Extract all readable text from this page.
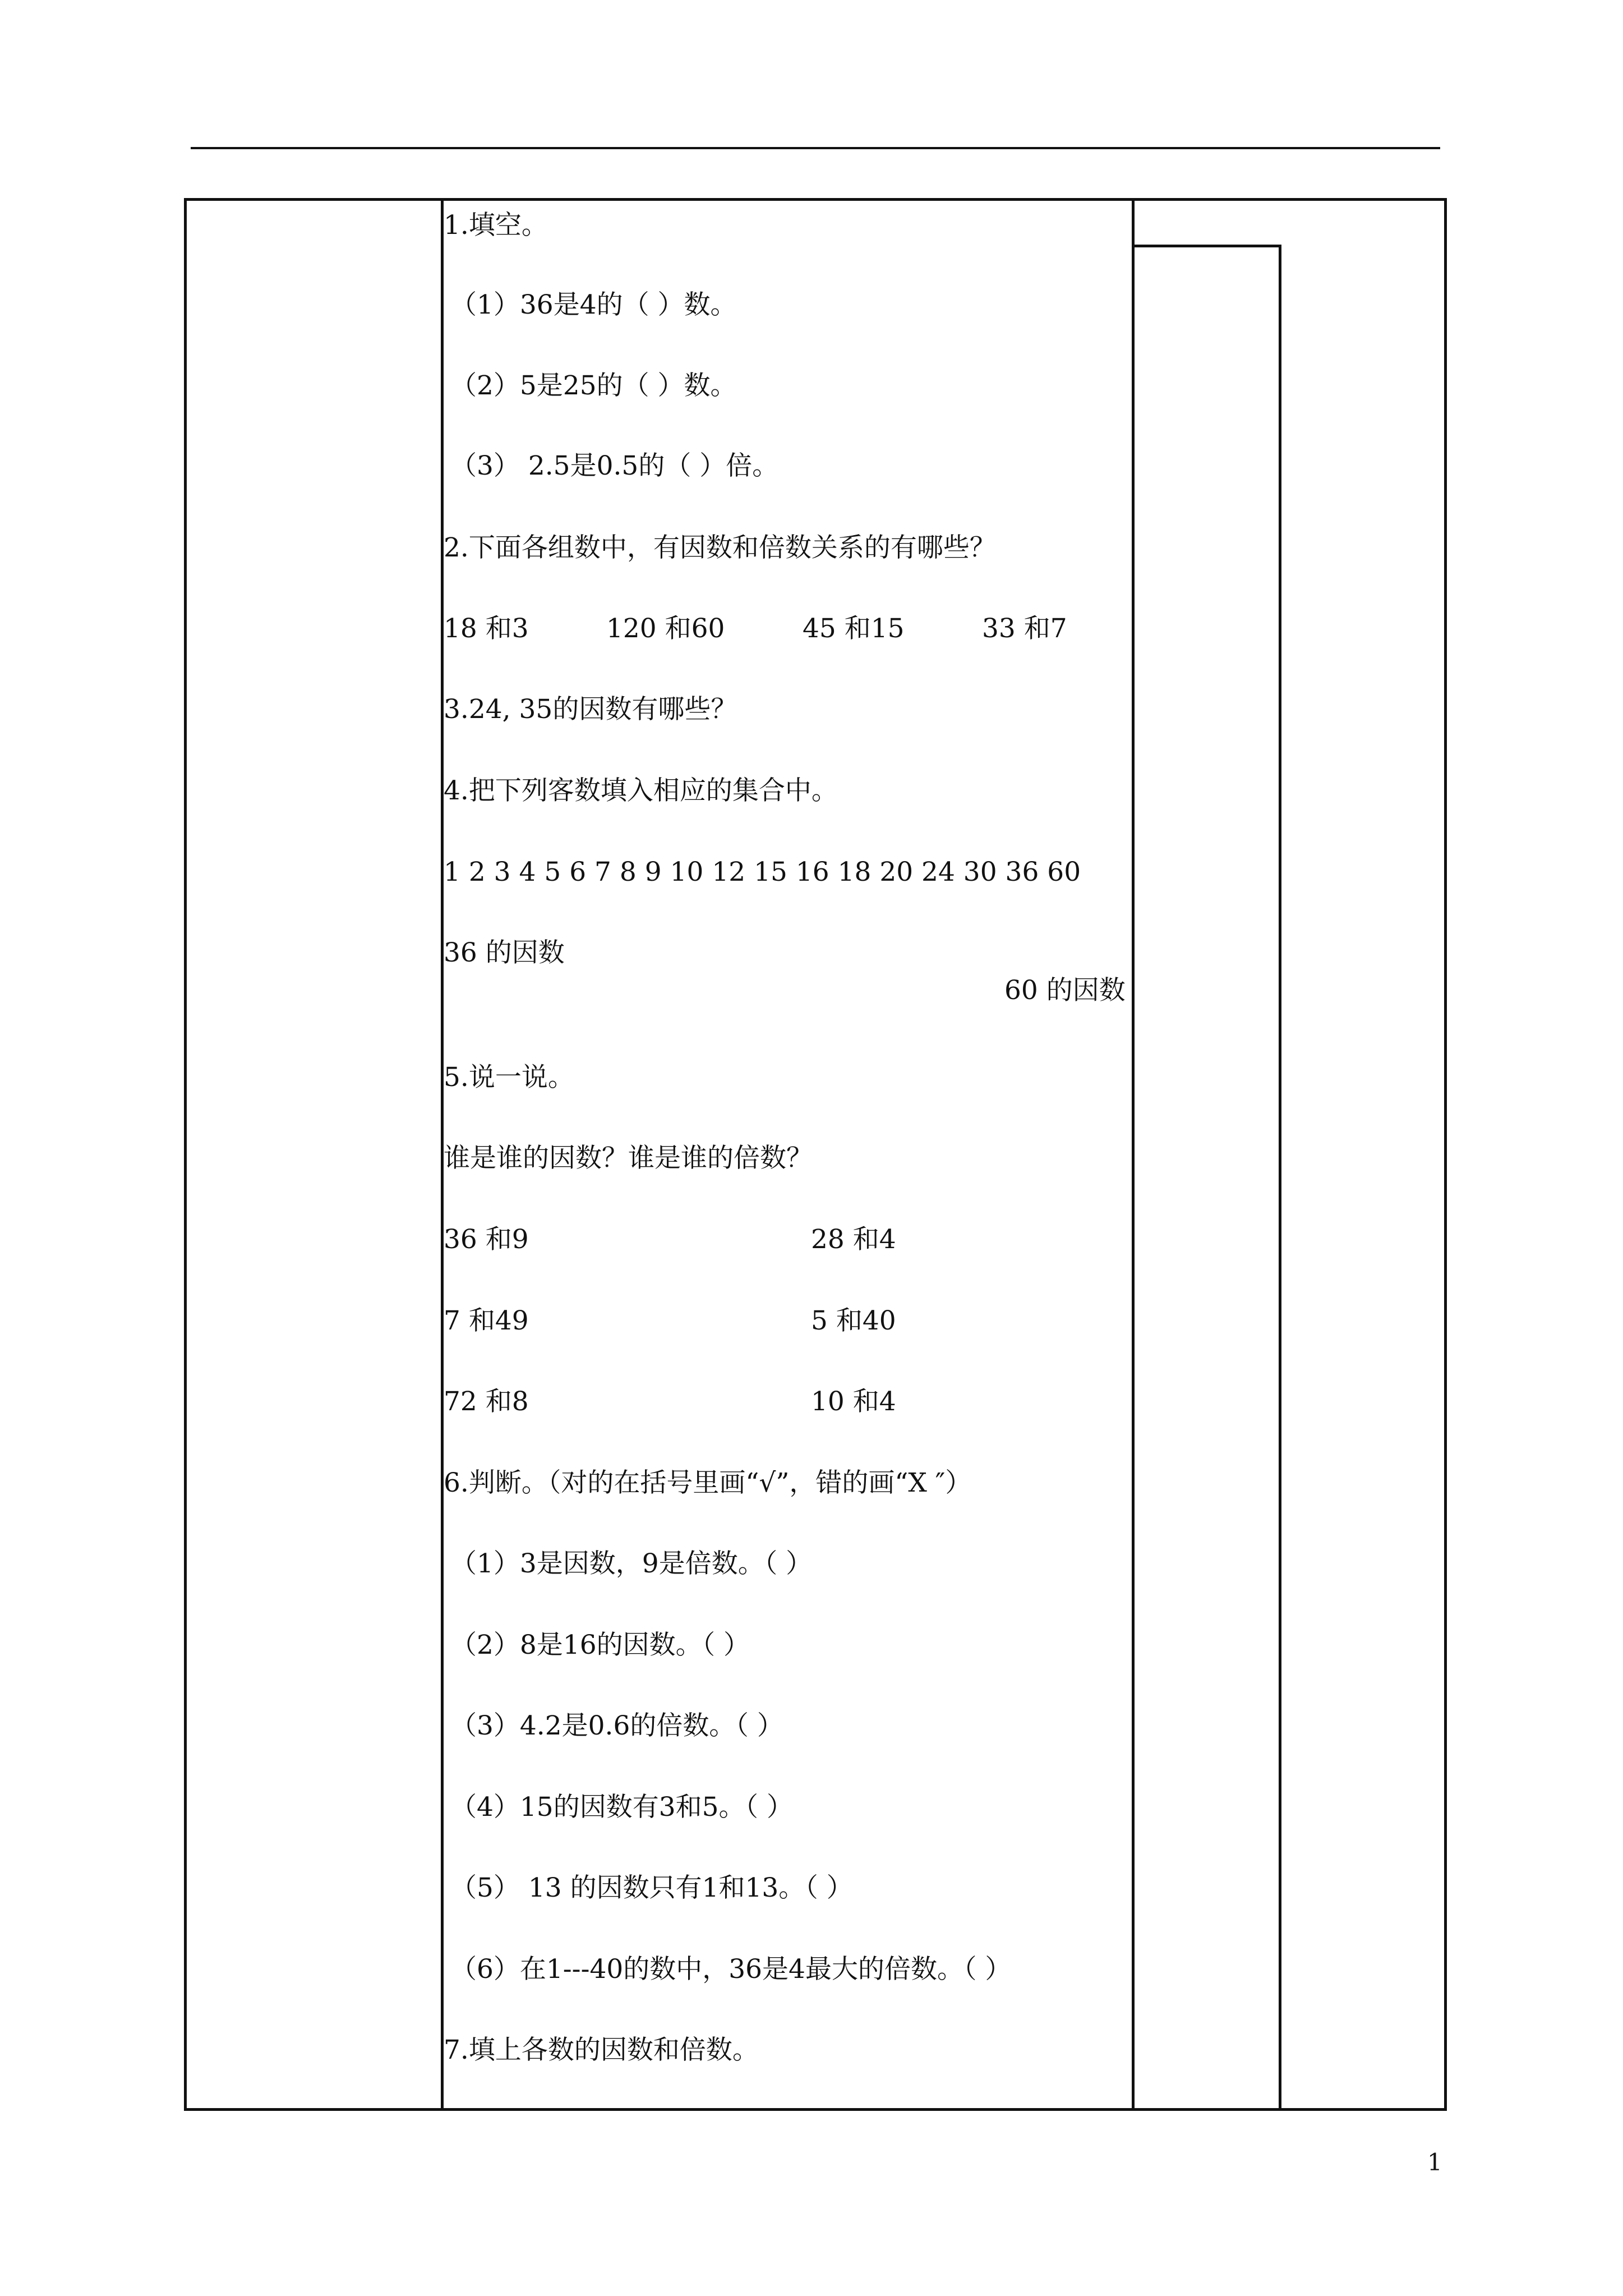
1.填空。
（1）36是4的（ ）数。
（2）5是25的（ ）数。
（3） 2.5是0.5的（ ）倍。
2.下面各组数中，有因数和倍数关系的有哪些？
18 和3	120 和60	45 和15	33 和7
3.24, 35的因数有哪些？
4.把下列客数填入相应的集合中。
1 2 3 4 5 6 7 8 9 10 12 15 16 18 20 24 30 36 60
36 的因数
60 的因数
5.说一说。
谁是谁的因数？谁是谁的倍数？
36 和9	28 和4
7 和49	5 和40
72 和8	10 和4
6.判断。（对的在括号里画“√”，错的画“X ″）
（1）3是因数，9是倍数。（ ）
（2）8是16的因数。（ ）
（3）4.2是0.6的倍数。（ ）
（4）15的因数有3和5。（ ）
（5） 13 的因数只有1和13。（ ）
（6）在1---40的数中，36是4最大的倍数。（ ）
7.填上各数的因数和倍数。
1
